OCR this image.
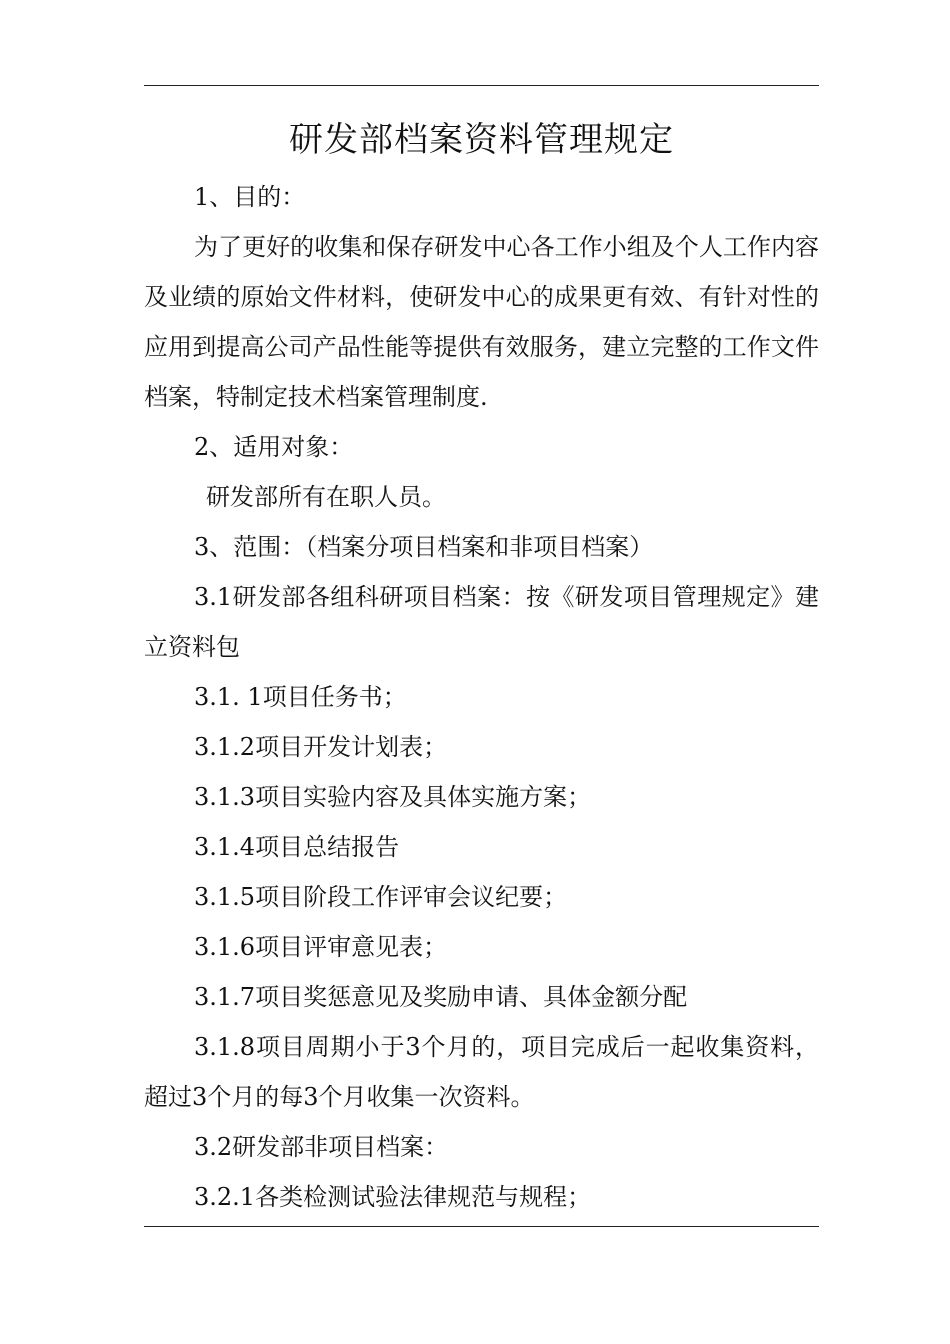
研发部档案资料管理规定

1、目的：

为了更好的收集和保存研发中心各工作小组及个人工作内容及业绩的原始文件材料，使研发中心的成果更有效、有针对性的应用到提高公司产品性能等提供有效服务，建立完整的工作文件档案，特制定技术档案管理制度.

2、适用对象：

研发部所有在职人员。

3、范围：（档案分项目档案和非项目档案）

3.1研发部各组科研项目档案：按《研发项目管理规定》建立资料包

3.1. 1项目任务书；

3.1.2项目开发计划表；

3.1.3项目实验内容及具体实施方案；

3.1.4项目总结报告

3.1.5项目阶段工作评审会议纪要；

3.1.6项目评审意见表；

3.1.7项目奖惩意见及奖励申请、具体金额分配

3.1.8项目周期小于3个月的，项目完成后一起收集资料，超过3个月的每3个月收集一次资料。

3.2研发部非项目档案：

3.2.1各类检测试验法律规范与规程；
